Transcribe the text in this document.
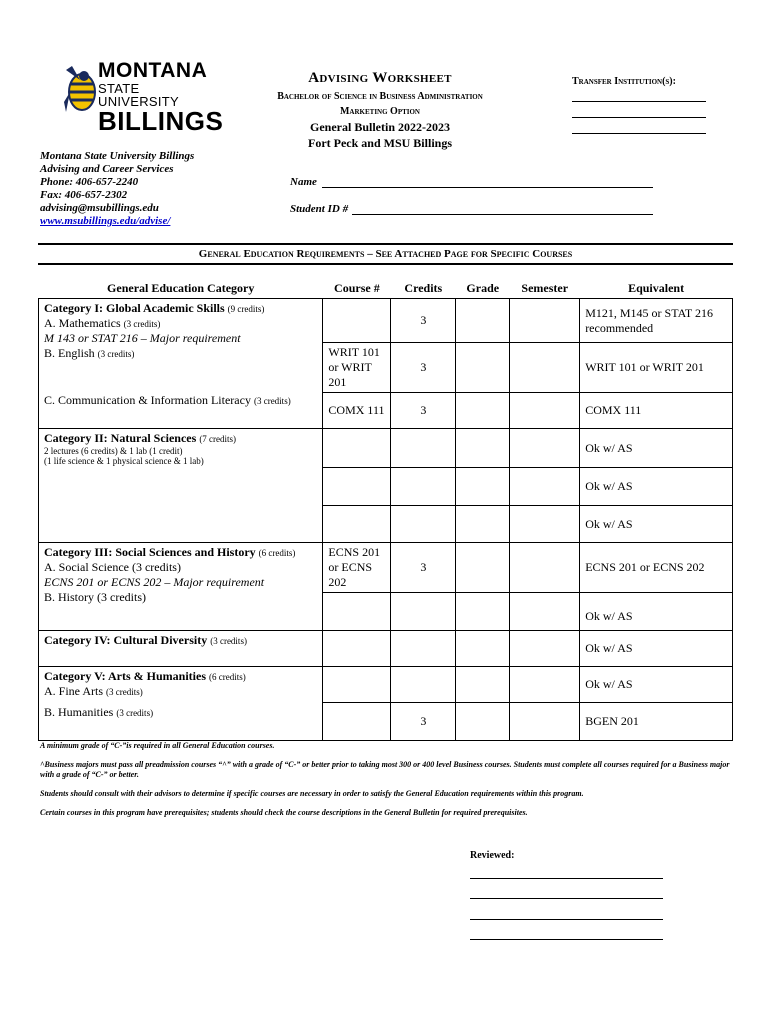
MONTANA
STATE UNIVERSITY
BILLINGS
Advising Worksheet
Bachelor of Science in Business Administration
Marketing Option
General Bulletin 2022-2023
Fort Peck and MSU Billings
Transfer Institution(s):
Montana State University Billings
Advising and Career Services
Phone: 406-657-2240
Fax: 406-657-2302
advising@msubillings.edu
www.msubillings.edu/advise/
Name
Student ID #
General Education Requirements – See Attached Page for Specific Courses
General Education Category	Course #	Credits	Grade	Semester	Equivalent

Category I: Global Academic Skills (9 credits)
A. Mathematics (3 credits)
M 143 or STAT 216 – Major requirement
B. English (3 credits)		3			M121, M145 or STAT 216 recommended
	WRIT 101 or WRIT 201	3			WRIT 101 or WRIT 201

C. Communication & Information Literacy (3 credits)	COMX 111	3			COMX 111

Category II: Natural Sciences (7 credits)
2 lectures (6 credits) & 1 lab (1 credit)
(1 life science & 1 physical science & 1 lab)					Ok w/ AS
					Ok w/ AS
					Ok w/ AS

Category III: Social Sciences and History (6 credits)
A. Social Science (3 credits)
ECNS 201 or ECNS 202 – Major requirement
B. History (3 credits)	ECNS 201 or ECNS 202	3			ECNS 201 or ECNS 202
					Ok w/ AS

Category IV: Cultural Diversity (3 credits)					Ok w/ AS

Category V: Arts & Humanities (6 credits)
A. Fine Arts (3 credits)					Ok w/ AS

B. Humanities (3 credits)		3			BGEN 201

A minimum grade of “C-”is required in all General Education courses.

^Business majors must pass all preadmission courses “^” with a grade of “C-” or better prior to taking most 300 or 400 level Business courses. Students must complete all courses required for a Business major with a grade of “C-” or better.

Students should consult with their advisors to determine if specific courses are necessary in order to satisfy the General Education requirements within this program.

Certain courses in this program have prerequisites; students should check the course descriptions in the General Bulletin for required prerequisites.

Reviewed:
